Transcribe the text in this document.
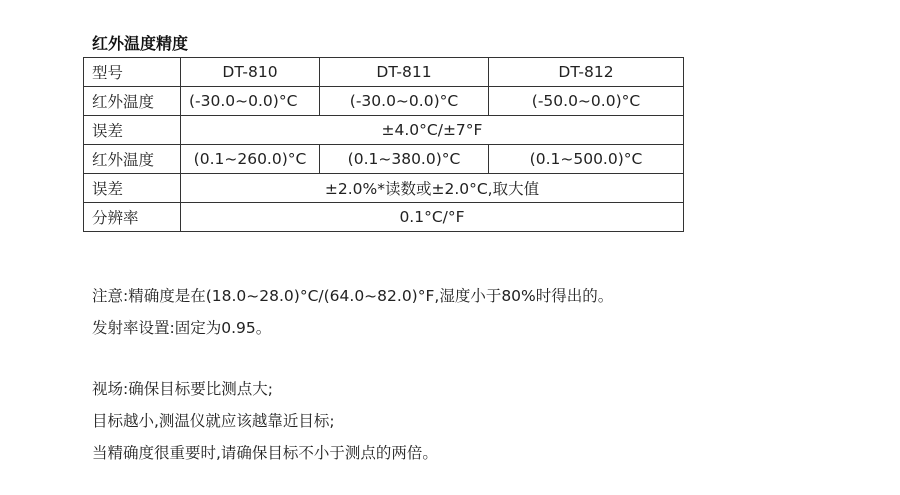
红外温度精度
型号	DT-810	DT-811	DT-812
红外温度	(-30.0~0.0)°C	(-30.0~0.0)°C	(-50.0~0.0)°C
误差	±4.0°C/±7°F		
红外温度	(0.1~260.0)°C	(0.1~380.0)°C	(0.1~500.0)°C
误差	±2.0%*读数或±2.0°C,取大值		
分辨率	0.1°C/°F		
注意:精确度是在(18.0~28.0)°C/(64.0~82.0)°F,湿度小于80%时得出的。
发射率设置:固定为0.95。
视场:确保目标要比测点大;
目标越小,测温仪就应该越靠近目标;
当精确度很重要时,请确保目标不小于测点的两倍。
